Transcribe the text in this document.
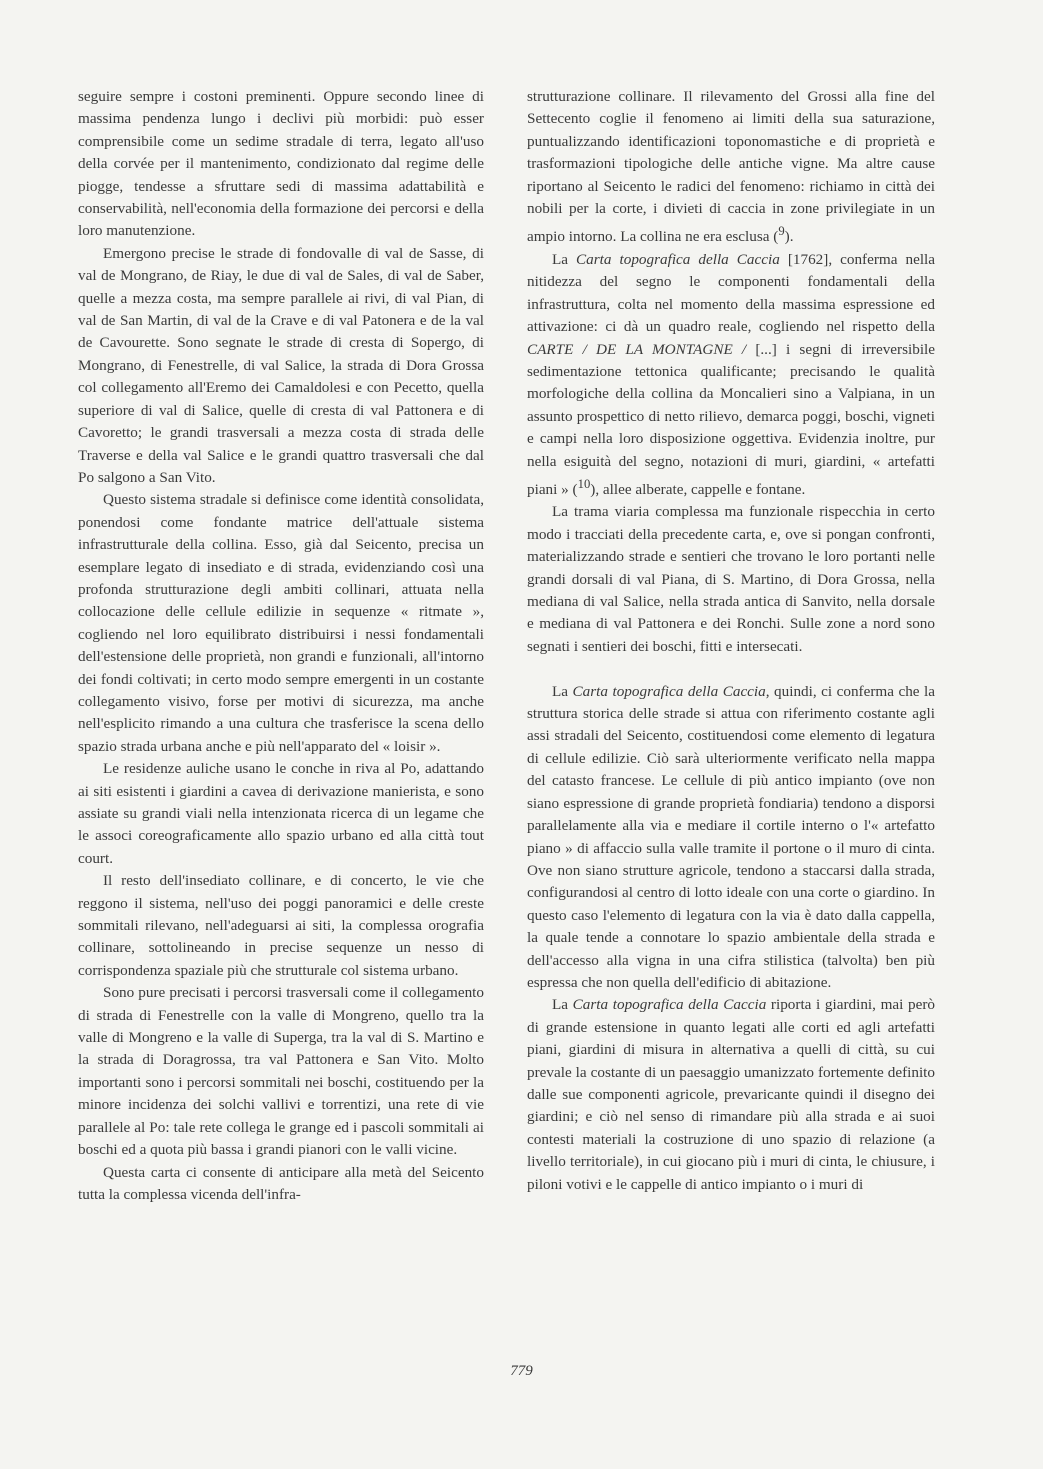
seguire sempre i costoni preminenti. Oppure secondo linee di massima pendenza lungo i declivi più morbidi: può esser comprensibile come un sedime stradale di terra, legato all'uso della corvée per il mantenimento, condizionato dal regime delle piogge, tendesse a sfruttare sedi di massima adattabilità e conservabilità, nell'economia della formazione dei percorsi e della loro manutenzione.

Emergono precise le strade di fondovalle di val de Sasse, di val de Mongrano, de Riay, le due di val de Sales, di val de Saber, quelle a mezza costa, ma sempre parallele ai rivi, di val Pian, di val de San Martin, di val de la Crave e di val Patonera e de la val de Cavourette. Sono segnate le strade di cresta di Sopergo, di Mongrano, di Fenestrelle, di val Salice, la strada di Dora Grossa col collegamento all'Eremo dei Camaldolesi e con Pecetto, quella superiore di val di Salice, quelle di cresta di val Pattonera e di Cavoretto; le grandi trasversali a mezza costa di strada delle Traverse e della val Salice e le grandi quattro trasversali che dal Po salgono a San Vito.

Questo sistema stradale si definisce come identità consolidata, ponendosi come fondante matrice dell'attuale sistema infrastrutturale della collina. Esso, già dal Seicento, precisa un esemplare legato di insediato e di strada, evidenziando così una profonda strutturazione degli ambiti collinari, attuata nella collocazione delle cellule edilizie in sequenze « ritmate », cogliendo nel loro equilibrato distribuirsi i nessi fondamentali dell'estensione delle proprietà, non grandi e funzionali, all'intorno dei fondi coltivati; in certo modo sempre emergenti in un costante collegamento visivo, forse per motivi di sicurezza, ma anche nell'esplicito rimando a una cultura che trasferisce la scena dello spazio strada urbana anche e più nell'apparato del « loisir ».

Le residenze auliche usano le conche in riva al Po, adattando ai siti esistenti i giardini a cavea di derivazione manierista, e sono assiate su grandi viali nella intenzionata ricerca di un legame che le associ coreograficamente allo spazio urbano ed alla città tout court.

Il resto dell'insediato collinare, e di concerto, le vie che reggono il sistema, nell'uso dei poggi panoramici e delle creste sommitali rilevano, nell'adeguarsi ai siti, la complessa orografia collinare, sottolineando in precise sequenze un nesso di corrispondenza spaziale più che strutturale col sistema urbano.

Sono pure precisati i percorsi trasversali come il collegamento di strada di Fenestrelle con la valle di Mongreno, quello tra la valle di Mongreno e la valle di Superga, tra la val di S. Martino e la strada di Doragrossa, tra val Pattonera e San Vito. Molto importanti sono i percorsi sommitali nei boschi, costituendo per la minore incidenza dei solchi vallivi e torrentizi, una rete di vie parallele al Po: tale rete collega le grange ed i pascoli sommitali ai boschi ed a quota più bassa i grandi pianori con le valli vicine.

Questa carta ci consente di anticipare alla metà del Seicento tutta la complessa vicenda dell'infra-

strutturazione collinare. Il rilevamento del Grossi alla fine del Settecento coglie il fenomeno ai limiti della sua saturazione, puntualizzando identificazioni toponomastiche e di proprietà e trasformazioni tipologiche delle antiche vigne. Ma altre cause riportano al Seicento le radici del fenomeno: richiamo in città dei nobili per la corte, i divieti di caccia in zone privilegiate in un ampio intorno. La collina ne era esclusa ($^9$).

La Carta topografica della Caccia [1762], conferma nella nitidezza del segno le componenti fondamentali della infrastruttura, colta nel momento della massima espressione ed attivazione: ci dà un quadro reale, cogliendo nel rispetto della CARTE / DE LA MONTAGNE / [...] i segni di irreversibile sedimentazione tettonica qualificante; precisando le qualità morfologiche della collina da Moncalieri sino a Valpiana, in un assunto prospettico di netto rilievo, demarca poggi, boschi, vigneti e campi nella loro disposizione oggettiva. Evidenzia inoltre, pur nella esiguità del segno, notazioni di muri, giardini, « artefatti piani » ($^{10}$), allee alberate, cappelle e fontane.

La trama viaria complessa ma funzionale rispecchia in certo modo i tracciati della precedente carta, e, ove si pongan confronti, materializzando strade e sentieri che trovano le loro portanti nelle grandi dorsali di val Piana, di S. Martino, di Dora Grossa, nella mediana di val Salice, nella strada antica di Sanvito, nella dorsale e mediana di val Pattonera e dei Ronchi. Sulle zone a nord sono segnati i sentieri dei boschi, fitti e intersecati.

La Carta topografica della Caccia, quindi, ci conferma che la struttura storica delle strade si attua con riferimento costante agli assi stradali del Seicento, costituendosi come elemento di legatura di cellule edilizie. Ciò sarà ulteriormente verificato nella mappa del catasto francese. Le cellule di più antico impianto (ove non siano espressione di grande proprietà fondiaria) tendono a disporsi parallelamente alla via e mediare il cortile interno o l'« artefatto piano » di affaccio sulla valle tramite il portone o il muro di cinta. Ove non siano strutture agricole, tendono a staccarsi dalla strada, configurandosi al centro di lotto ideale con una corte o giardino. In questo caso l'elemento di legatura con la via è dato dalla cappella, la quale tende a connotare lo spazio ambientale della strada e dell'accesso alla vigna in una cifra stilistica (talvolta) ben più espressa che non quella dell'edificio di abitazione.

La Carta topografica della Caccia riporta i giardini, mai però di grande estensione in quanto legati alle corti ed agli artefatti piani, giardini di misura in alternativa a quelli di città, su cui prevale la costante di un paesaggio umanizzato fortemente definito dalle sue componenti agricole, prevaricante quindi il disegno dei giardini; e ciò nel senso di rimandare più alla strada e ai suoi contesti materiali la costruzione di uno spazio di relazione (a livello territoriale), in cui giocano più i muri di cinta, le chiusure, i piloni votivi e le cappelle di antico impianto o i muri di

779
